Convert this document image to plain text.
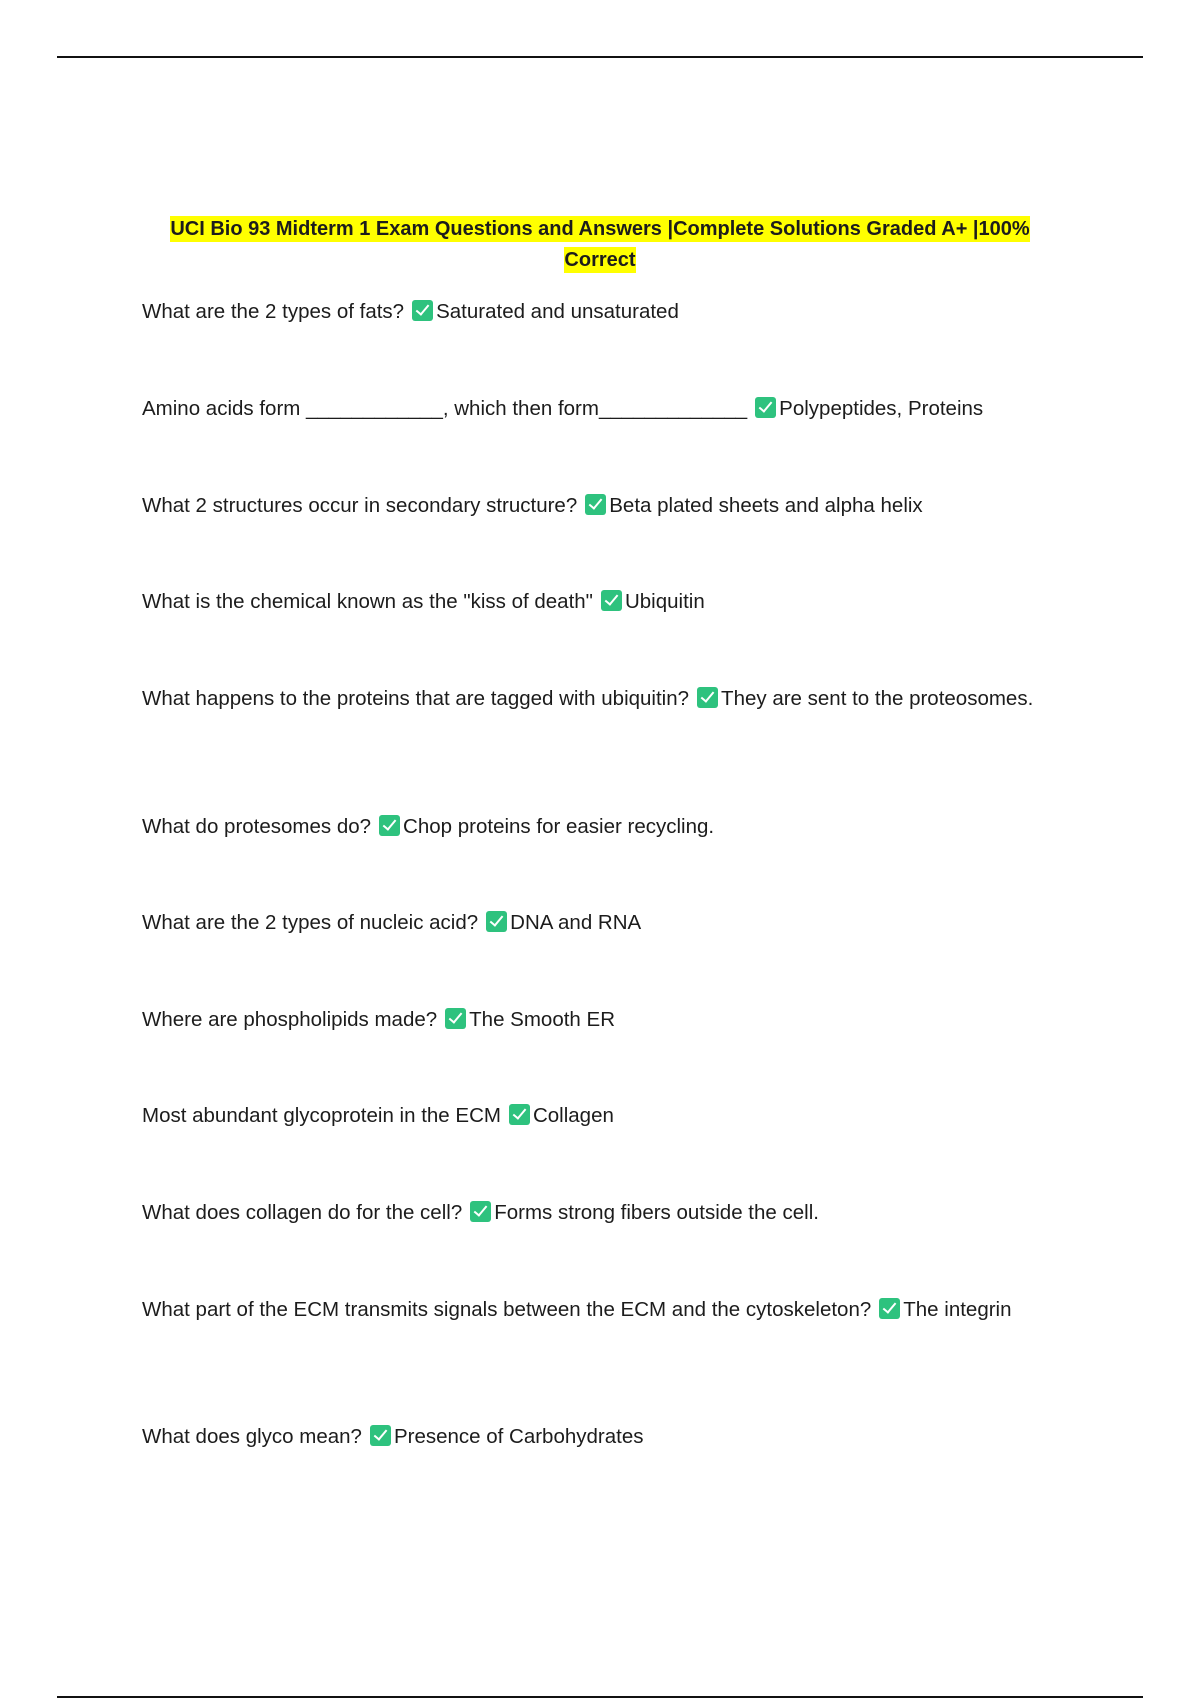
UCI Bio 93 Midterm 1 Exam Questions and Answers |Complete Solutions Graded A+ |100% Correct

What are the 2 types of fats? Saturated and unsaturated

Amino acids form ____________, which then form_____________ Polypeptides, Proteins

What 2 structures occur in secondary structure? Beta plated sheets and alpha helix

What is the chemical known as the "kiss of death" Ubiquitin

What happens to the proteins that are tagged with ubiquitin? They are sent to the proteosomes.

What do protesomes do? Chop proteins for easier recycling.

What are the 2 types of nucleic acid? DNA and RNA

Where are phospholipids made? The Smooth ER

Most abundant glycoprotein in the ECM Collagen

What does collagen do for the cell? Forms strong fibers outside the cell.

What part of the ECM transmits signals between the ECM and the cytoskeleton? The integrin

What does glyco mean? Presence of Carbohydrates
